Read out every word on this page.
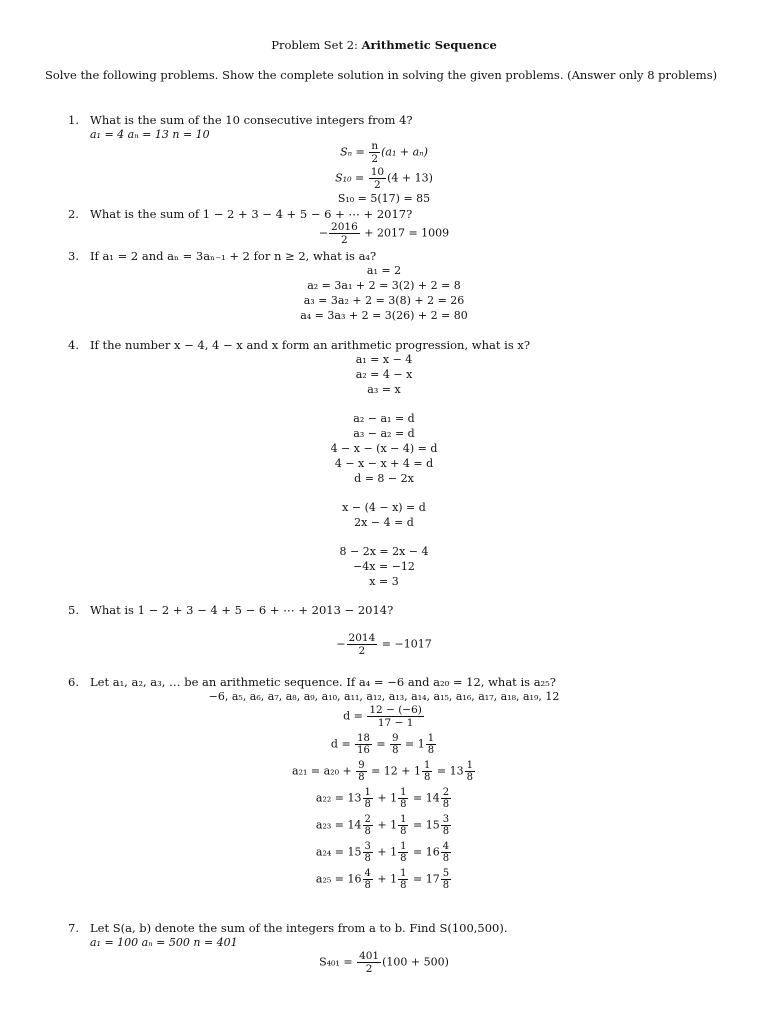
Problem Set 2: Arithmetic Sequence
Solve the following problems. Show the complete solution in solving the given problems. (Answer only 8 problems)
1. What is the sum of the 10 consecutive integers from 4?
a₁ = 4 aₙ = 13 n = 10
$S_n = \frac{n}{2} (a_1 + a_n)$
$S_{10} = \frac{10}{2} (4 + 13)$
S₁₀ = 5(17) = 85
2. What is the sum of 1 − 2 + 3 − 4 + 5 − 6 + ⋯ + 2017?
− $\frac{2016}{2} + 2017 = 1009$
3. If a₁ = 2 and aₙ = 3aₙ₋₁ + 2 for n ≥ 2, what is a₄?
a₁ = 2
a₂ = 3a₁ + 2 = 3(2) + 2 = 8
a₃ = 3a₂ + 2 = 3(8) + 2 = 26
a₄ = 3a₃ + 2 = 3(26) + 2 = 80
4. If the number x − 4, 4 − x and x form an arithmetic progression, what is x?
a₁ = x − 4
a₂ = 4 − x
a₃ = x
a₂ − a₁ = d
a₃ − a₂ = d
4 − x − (x − 4) = d
4 − x − x + 4 = d
d = 8 − 2x
x − (4 − x) = d
2x − 4 = d
8 − 2x = 2x − 4
−4x = −12
x = 3
5. What is 1 − 2 + 3 − 4 + 5 − 6 + ⋯ + 2013 − 2014?
− $\frac{2014}{2} = -1017$
6. Let a₁, a₂, a₃, … be an arithmetic sequence. If a₄ = −6 and a₂₀ = 12, what is a₂₅?
−6, a₅, a₆, a₇, a₈, a₉, a₁₀, a₁₁, a₁₂, a₁₃, a₁₄, a₁₅, a₁₆, a₁₇, a₁₈, a₁₉, 12
$d = \frac{12 - (-6)}{17 - 1}$
$d = \frac{18}{16} = \frac{9}{8} = 1 \frac{1}{8}$
$a_{21} = a_{20} + \frac{9}{8} = 12 + 1 \frac{1}{8} = 13 \frac{1}{8}$
$a_{22} = 13 \frac{1}{8} + 1 \frac{1}{8} = 14 \frac{2}{8}$
$a_{23} = 14 \frac{2}{8} + 1 \frac{1}{8} = 15 \frac{3}{8}$
$a_{24} = 15 \frac{3}{8} + 1 \frac{1}{8} = 16 \frac{4}{8}$
$a_{25} = 16 \frac{4}{8} + 1 \frac{1}{8} = 17 \frac{5}{8}$
7. Let S(a, b) denote the sum of the integers from a to b. Find S(100,500).
a₁ = 100 aₙ = 500 n = 401
$S_{401} = \frac{401}{2} (100 + 500)$
